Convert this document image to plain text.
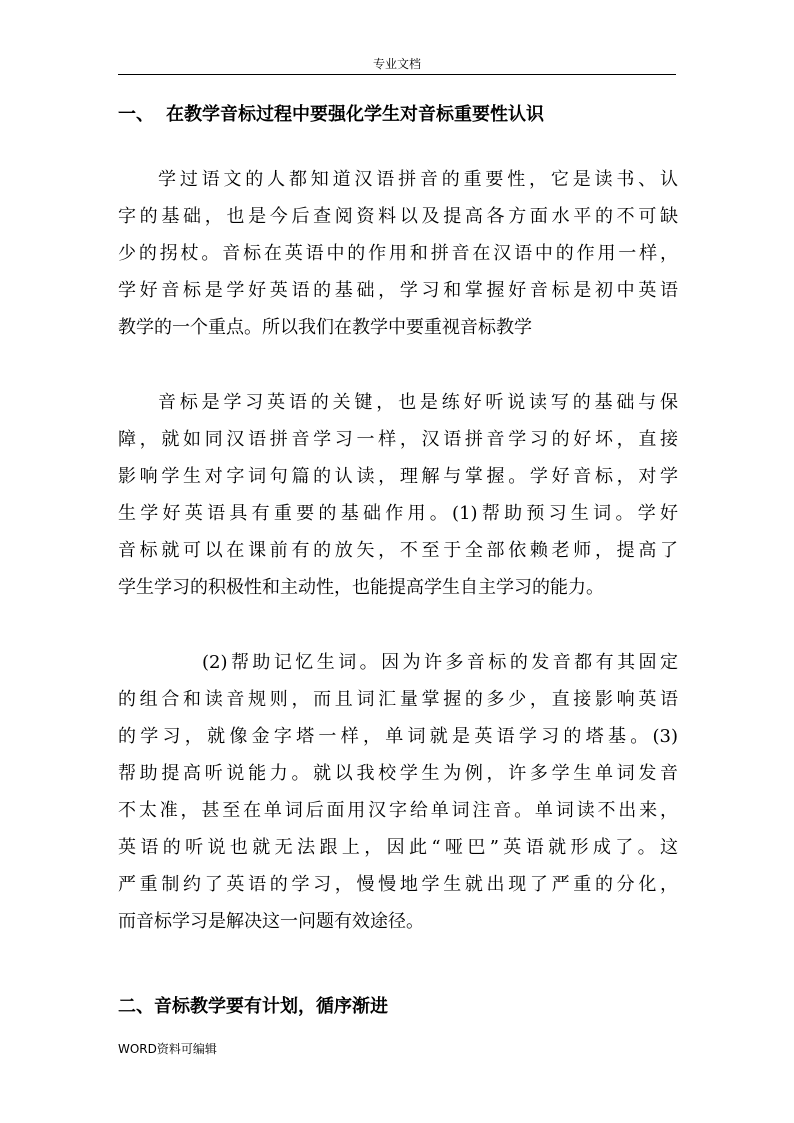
专业文档
一、 在教学音标过程中要强化学生对音标重要性认识
学过语文的人都知道汉语拼音的重要性，它是读书、认
字的基础，也是今后查阅资料以及提高各方面水平的不可缺
少的拐杖。音标在英语中的作用和拼音在汉语中的作用一样，
学好音标是学好英语的基础，学习和掌握好音标是初中英语
教学的一个重点。所以我们在教学中要重视音标教学
音标是学习英语的关键，也是练好听说读写的基础与保
障，就如同汉语拼音学习一样，汉语拼音学习的好坏，直接
影响学生对字词句篇的认读，理解与掌握。学好音标，对学
生学好英语具有重要的基础作用。(1)帮助预习生词。学好
音标就可以在课前有的放矢，不至于全部依赖老师，提高了
学生学习的积极性和主动性，也能提高学生自主学习的能力。
(2)帮助记忆生词。因为许多音标的发音都有其固定
的组合和读音规则，而且词汇量掌握的多少，直接影响英语
的学习，就像金字塔一样，单词就是英语学习的塔基。(3)
帮助提高听说能力。就以我校学生为例，许多学生单词发音
不太准，甚至在单词后面用汉字给单词注音。单词读不出来，
英语的听说也就无法跟上，因此“哑巴”英语就形成了。这
严重制约了英语的学习，慢慢地学生就出现了严重的分化，
而音标学习是解决这一问题有效途径。
二、音标教学要有计划，循序渐进
WORD资料可编辑
